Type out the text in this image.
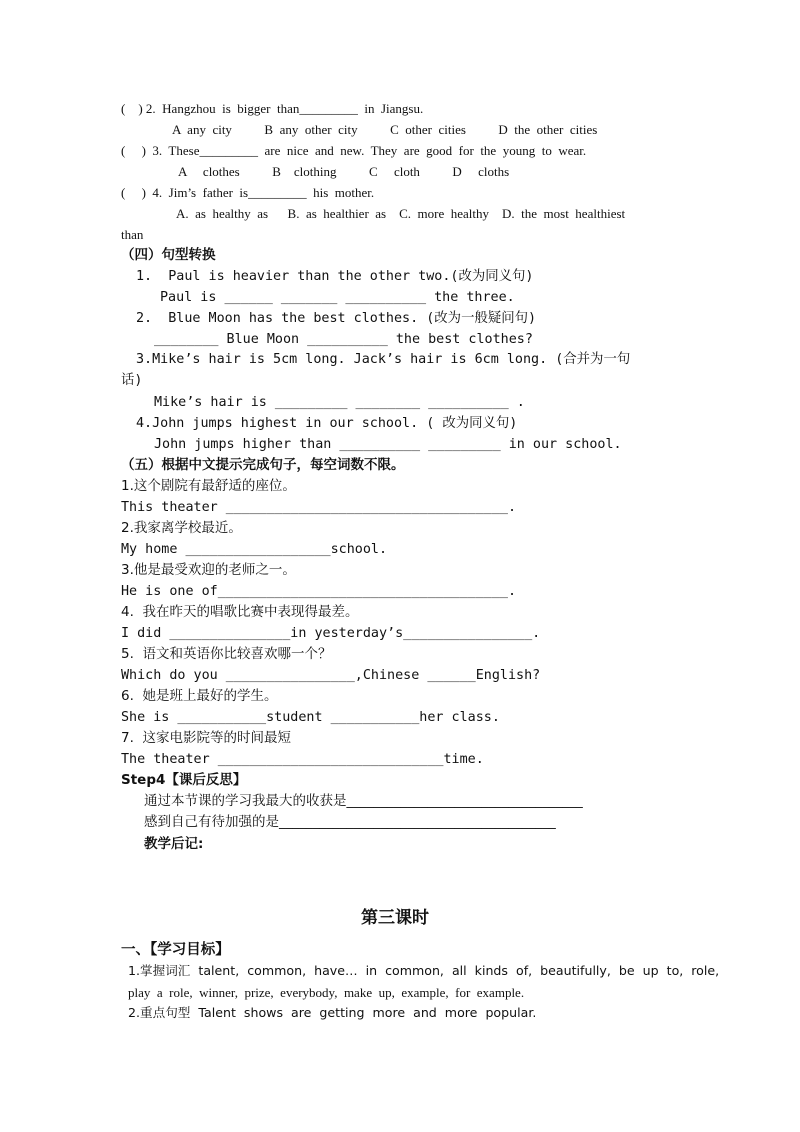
(    ) 2.  Hangzhou  is  bigger  than_________  in  Jiangsu.
A  any  city          B  any  other  city          C  other  cities          D  the  other  cities
(     )  3.  These_________  are  nice  and  new.  They  are  good  for  the  young  to  wear.
A     clothes          B    clothing          C     cloth          D     cloths
(     )  4.  Jim’s  father  is_________  his  mother.
A.  as  healthy  as      B.  as  healthier  as    C.  more  healthy    D.  the  most  healthiest
than
（四）句型转换
1.  Paul is heavier than the other two.(改为同义句)
Paul is ______ _______ __________ the three.
2.  Blue Moon has the best clothes. (改为一般疑问句)
________ Blue Moon __________ the best clothes?
3.Mike’s hair is 5cm long. Jack’s hair is 6cm long. (合并为一句
话)
Mike’s hair is _________ ________ __________ .
4.John jumps highest in our school. ( 改为同义句)
John jumps higher than __________ _________ in our school.
（五）根据中文提示完成句子，每空词数不限。
1.这个剧院有最舒适的座位。
This theater ___________________________________.
2.我家离学校最近。
My home __________________school.
3.他是最受欢迎的老师之一。
He is one of____________________________________.
4.  我在昨天的唱歌比赛中表现得最差。
I did _______________in yesterday’s________________.
5.  语文和英语你比较喜欢哪一个？
Which do you ________________,Chinese ______English?
6.  她是班上最好的学生。
She is ___________student ___________her class.
7.  这家电影院等的时间最短
The theater ____________________________time.
Step4【课后反思】
通过本节课的学习我最大的收获是___________________________________
感到自己有待加强的是_________________________________________
教学后记:
第三课时
一、【学习目标】
1.掌握词汇  talent,  common,  have…  in  common,  all  kinds  of,  beautifully,  be  up  to,  role,
play  a  role,  winner,  prize,  everybody,  make  up,  example,  for  example.
2.重点句型  Talent  shows  are  getting  more  and  more  popular.
